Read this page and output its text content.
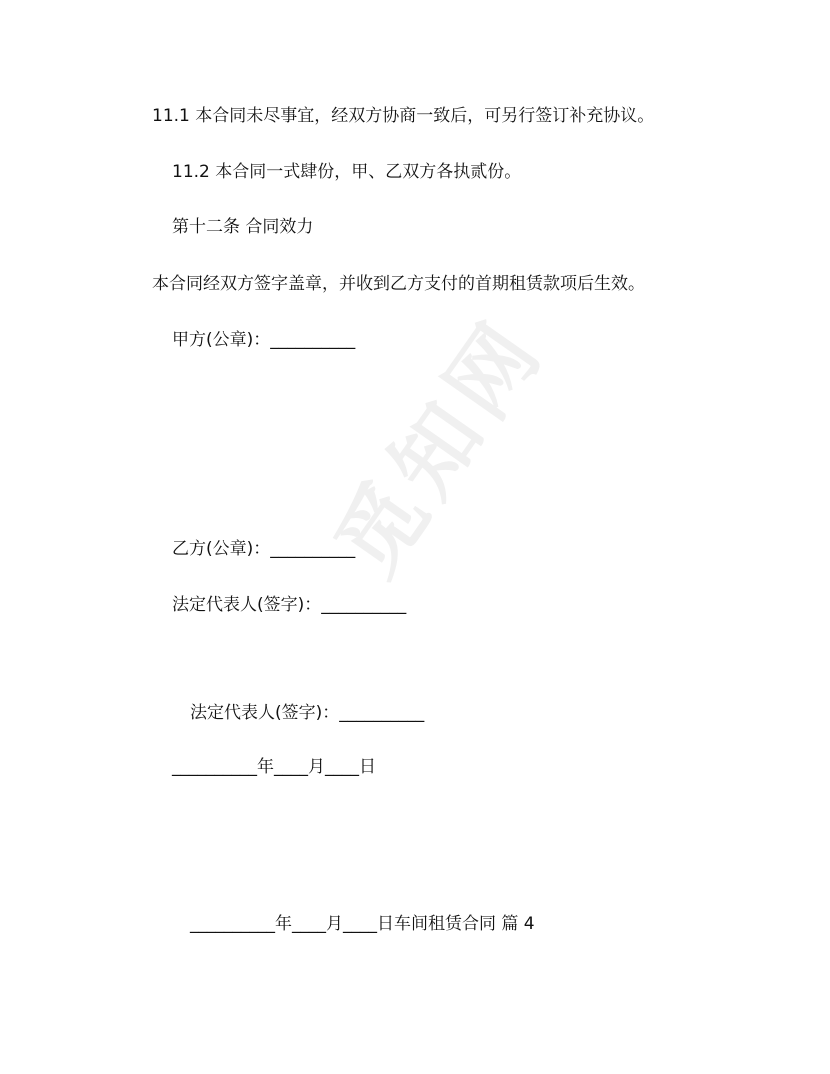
觅知网
11.1 本合同未尽事宜，经双方协商一致后，可另行签订补充协议。
11.2 本合同一式肆份，甲、乙双方各执贰份。
第十二条 合同效力
本合同经双方签字盖章，并收到乙方支付的首期租赁款项后生效。
甲方(公章)：__________
乙方(公章)：__________
法定代表人(签字)：__________
法定代表人(签字)：__________
__________年____月____日
__________年____月____日车间租赁合同 篇 4
